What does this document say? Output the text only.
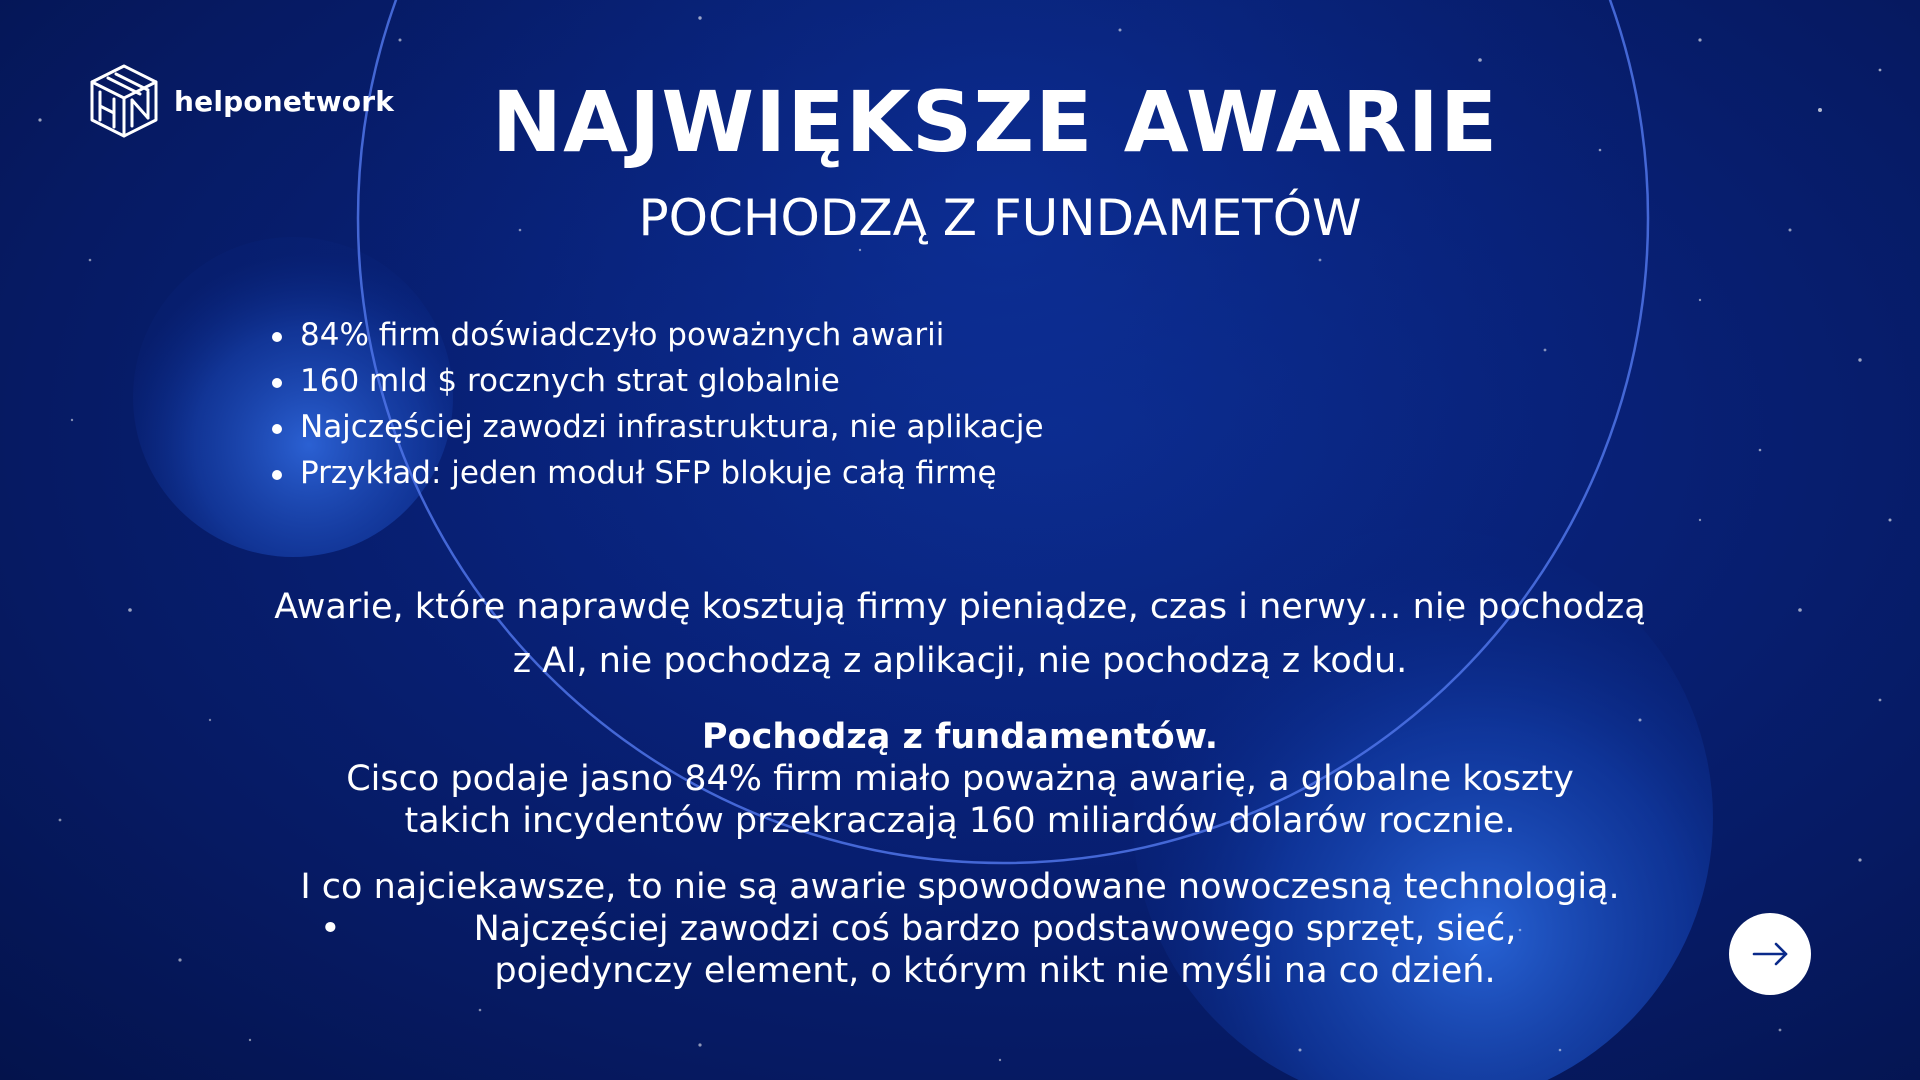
helponetwork	NAJWIĘKSZE AWARIE
POCHODZĄ Z FUNDAMETÓW
84% firm doświadczyło poważnych awarii
160 mld $ rocznych strat globalnie
Najczęściej zawodzi infrastruktura, nie aplikacje
Przykład: jeden moduł SFP blokuje całą firmę
Awarie, które naprawdę kosztują firmy pieniądze, czas i nerwy… nie pochodzą z AI, nie pochodzą z aplikacji, nie pochodzą z kodu.
Pochodzą z fundamentów.
Cisco podaje jasno 84% firm miało poważną awarię, a globalne koszty takich incydentów przekraczają 160 miliardów dolarów rocznie.
I co najciekawsze, to nie są awarie spowodowane nowoczesną technologią.
•	Najczęściej zawodzi coś bardzo podstawowego sprzęt, sieć, pojedynczy element, o którym nikt nie myśli na co dzień.
